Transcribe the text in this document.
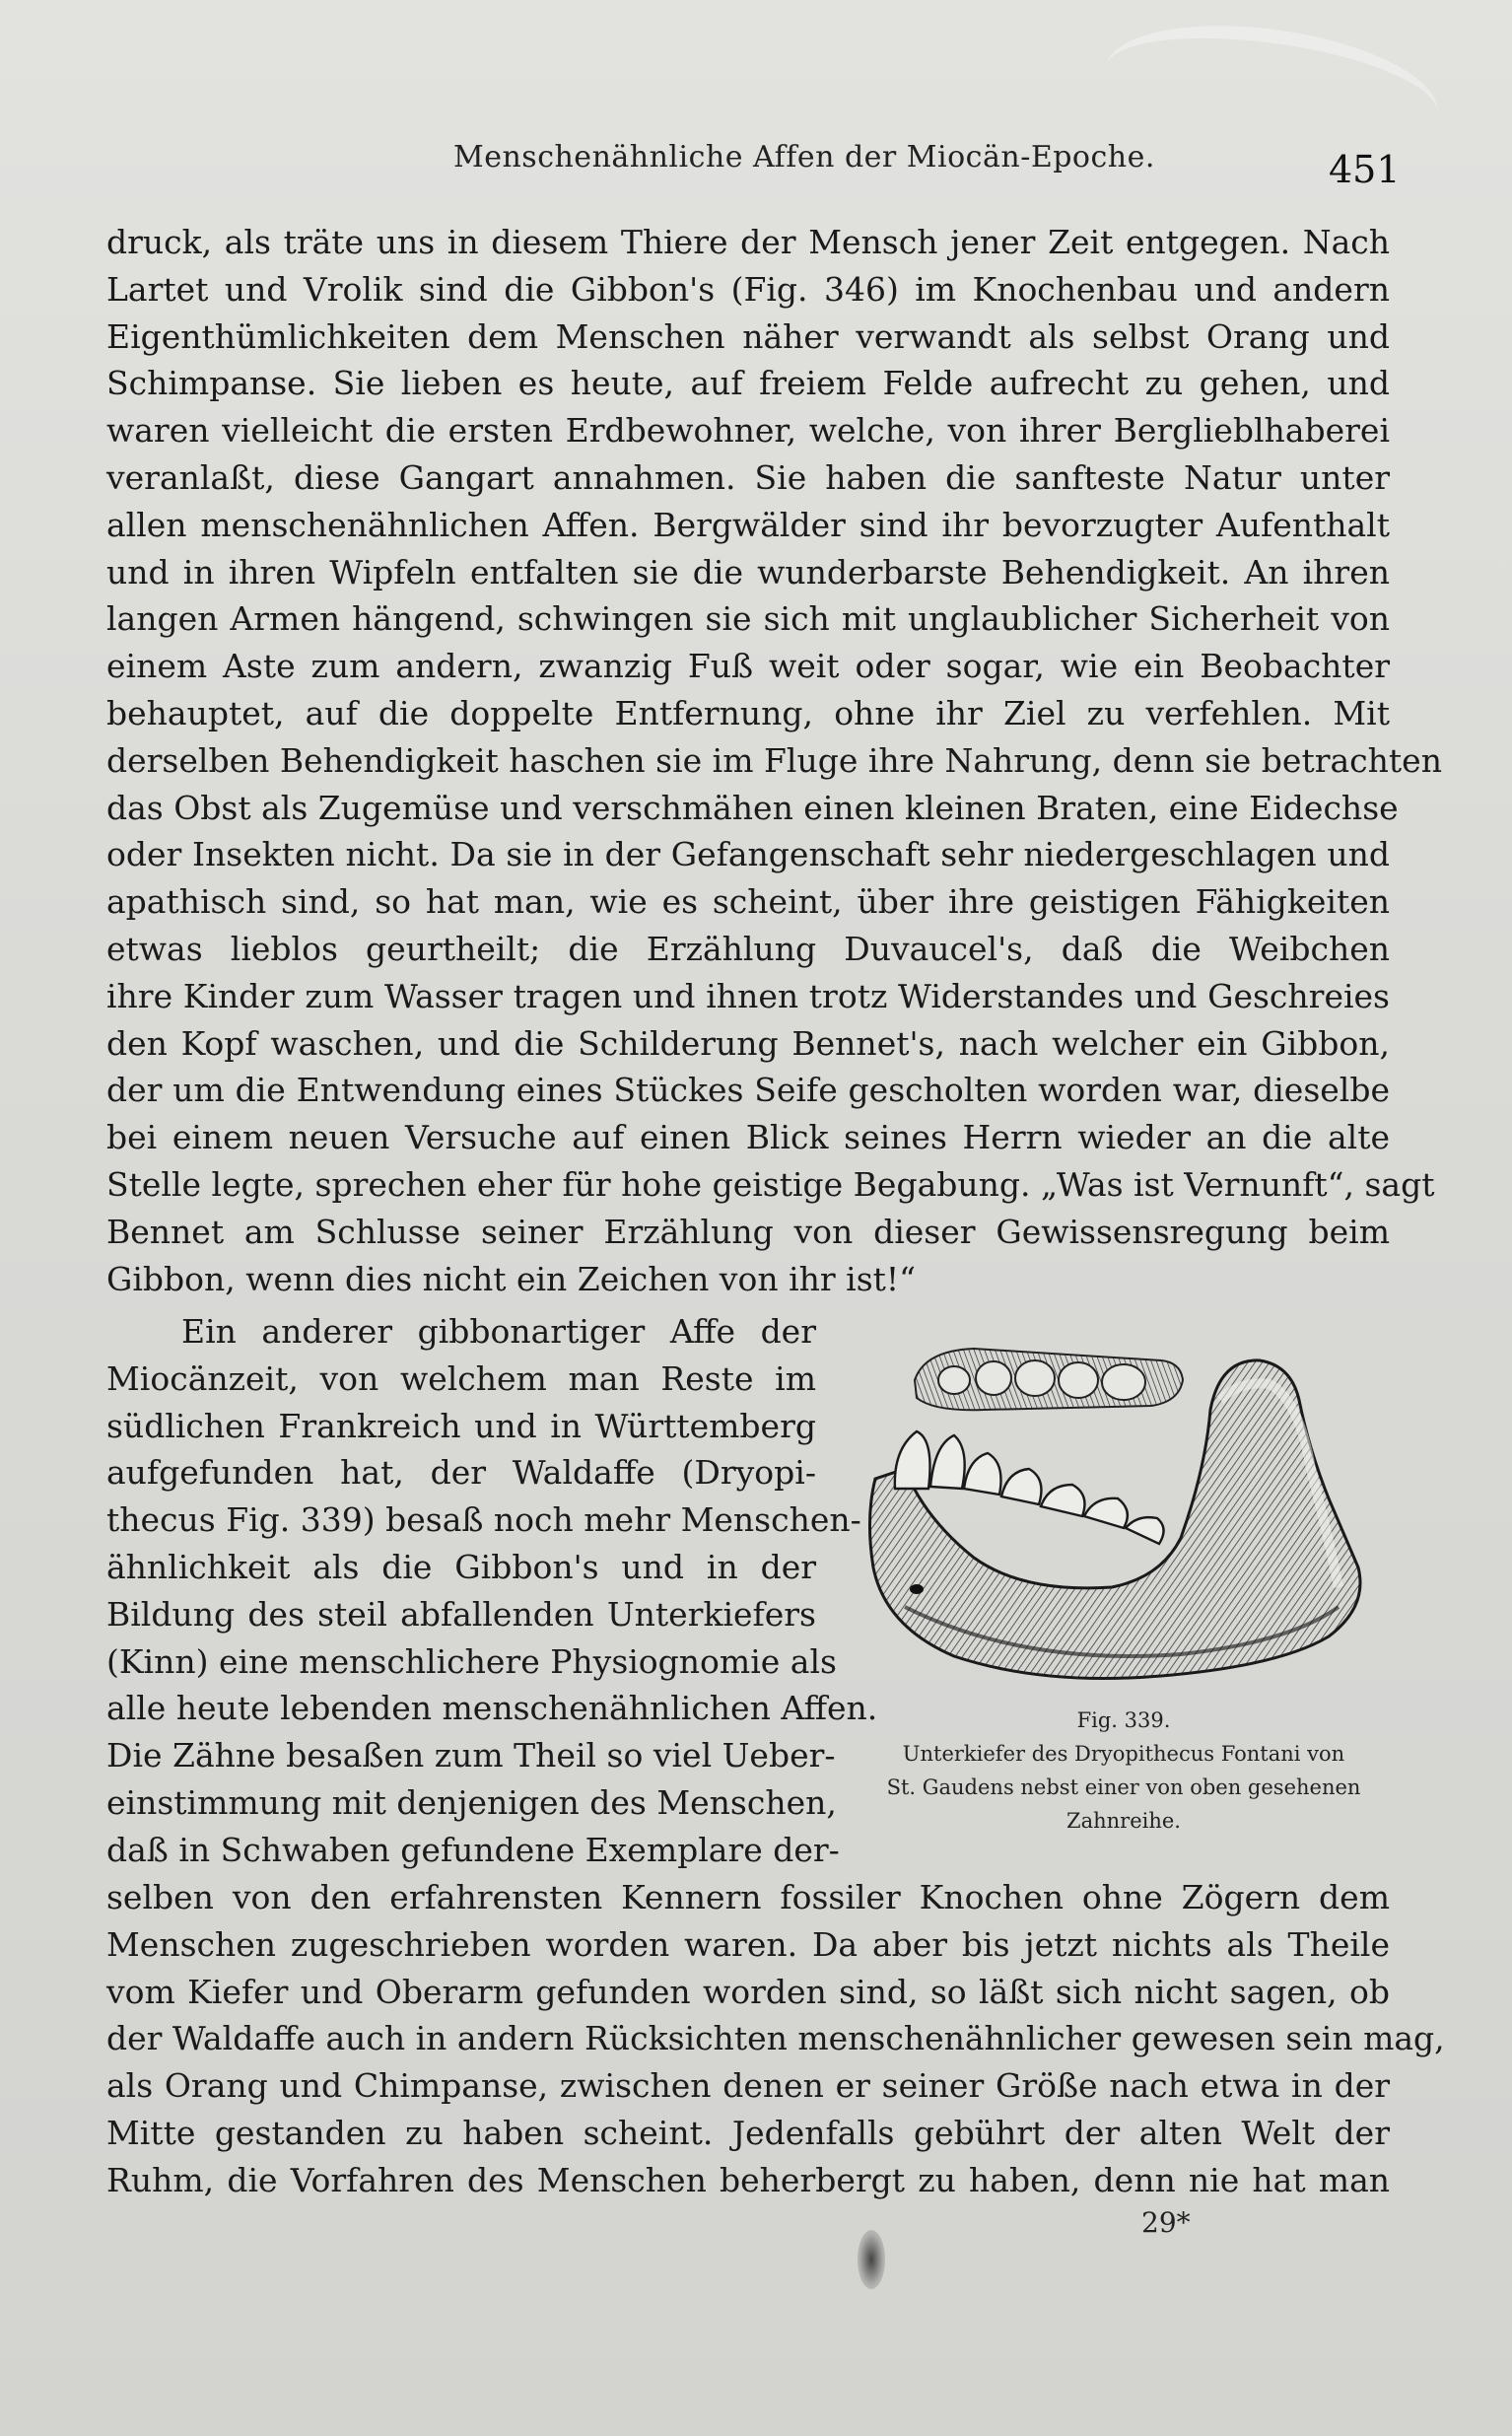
Menschenähnliche Affen der Miocän-Epoche.	451
druck, als träte uns in diesem Thiere der Mensch jener Zeit entgegen. Nach
Lartet und Vrolik sind die Gibbon's (Fig. 346) im Knochenbau und andern
Eigenthümlichkeiten dem Menschen näher verwandt als selbst Orang und
Schimpanse. Sie lieben es heute, auf freiem Felde aufrecht zu gehen, und
waren vielleicht die ersten Erdbewohner, welche, von ihrer Berglieblhaberei
veranlaßt, diese Gangart annahmen. Sie haben die sanfteste Natur unter
allen menschenähnlichen Affen. Bergwälder sind ihr bevorzugter Aufenthalt
und in ihren Wipfeln entfalten sie die wunderbarste Behendigkeit. An ihren
langen Armen hängend, schwingen sie sich mit unglaublicher Sicherheit von
einem Aste zum andern, zwanzig Fuß weit oder sogar, wie ein Beobachter
behauptet, auf die doppelte Entfernung, ohne ihr Ziel zu verfehlen. Mit
derselben Behendigkeit haschen sie im Fluge ihre Nahrung, denn sie betrachten
das Obst als Zugemüse und verschmähen einen kleinen Braten, eine Eidechse
oder Insekten nicht. Da sie in der Gefangenschaft sehr niedergeschlagen und
apathisch sind, so hat man, wie es scheint, über ihre geistigen Fähigkeiten
etwas lieblos geurtheilt; die Erzählung Duvaucel's, daß die Weibchen
ihre Kinder zum Wasser tragen und ihnen trotz Widerstandes und Geschreies
den Kopf waschen, und die Schilderung Bennet's, nach welcher ein Gibbon,
der um die Entwendung eines Stückes Seife gescholten worden war, dieselbe
bei einem neuen Versuche auf einen Blick seines Herrn wieder an die alte
Stelle legte, sprechen eher für hohe geistige Begabung. „Was ist Vernunft“, sagt
Bennet am Schlusse seiner Erzählung von dieser Gewissensregung beim
Gibbon, wenn dies nicht ein Zeichen von ihr ist!“
Ein anderer gibbonartiger Affe der
Miocänzeit, von welchem man Reste im
südlichen Frankreich und in Württemberg
aufgefunden hat, der Waldaffe (Dryopi-
thecus Fig. 339) besaß noch mehr Menschen-
ähnlichkeit als die Gibbon's und in der
Bildung des steil abfallenden Unterkiefers
(Kinn) eine menschlichere Physiognomie als
alle heute lebenden menschenähnlichen Affen.
Die Zähne besaßen zum Theil so viel Ueber-
einstimmung mit denjenigen des Menschen,
daß in Schwaben gefundene Exemplare der-
Fig. 339.
Unterkiefer des Dryopithecus Fontani von
St. Gaudens nebst einer von oben gesehenen
Zahnreihe.
selben von den erfahrensten Kennern fossiler Knochen ohne Zögern dem
Menschen zugeschrieben worden waren. Da aber bis jetzt nichts als Theile
vom Kiefer und Oberarm gefunden worden sind, so läßt sich nicht sagen, ob
der Waldaffe auch in andern Rücksichten menschenähnlicher gewesen sein mag,
als Orang und Chimpanse, zwischen denen er seiner Größe nach etwa in der
Mitte gestanden zu haben scheint. Jedenfalls gebührt der alten Welt der
Ruhm, die Vorfahren des Menschen beherbergt zu haben, denn nie hat man
29*
